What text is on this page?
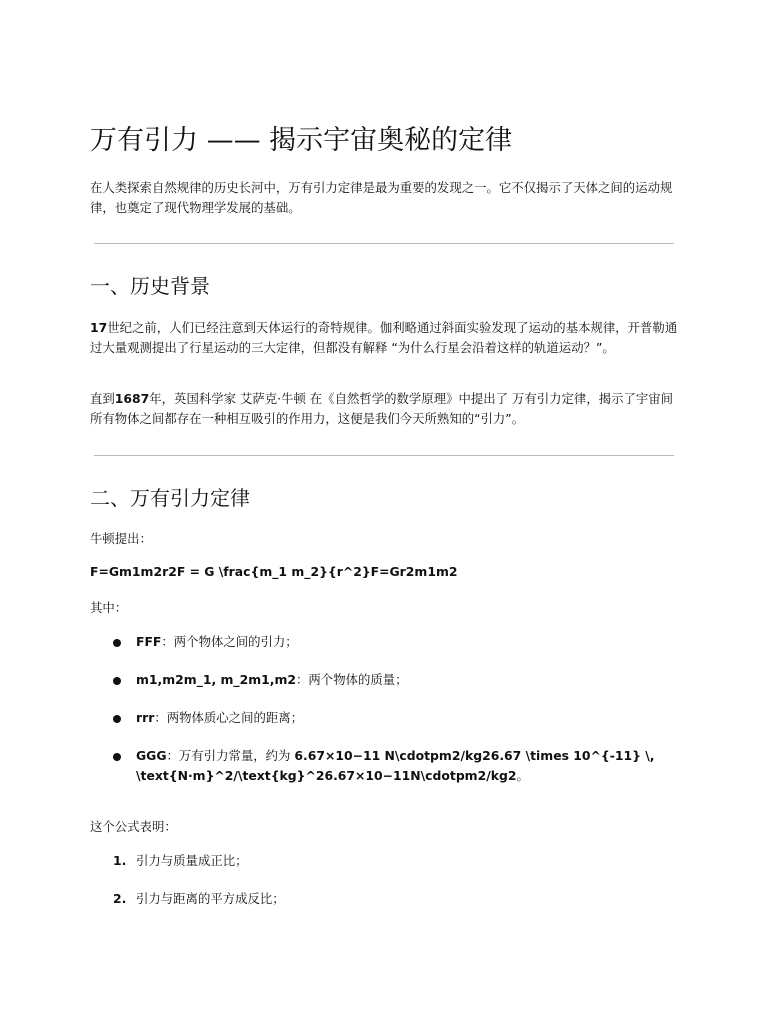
万有引力 —— 揭示宇宙奥秘的定律

在人类探索自然规律的历史长河中，万有引力定律是最为重要的发现之一。它不仅揭示了天体之间的运动规律，也奠定了现代物理学发展的基础。

一、历史背景

17世纪之前，人们已经注意到天体运行的奇特规律。伽利略通过斜面实验发现了运动的基本规律，开普勒通过大量观测提出了行星运动的三大定律，但都没有解释 “为什么行星会沿着这样的轨道运动？”。

直到1687年，英国科学家 艾萨克·牛顿 在《自然哲学的数学原理》中提出了 万有引力定律，揭示了宇宙间所有物体之间都存在一种相互吸引的作用力，这便是我们今天所熟知的“引力”。

二、万有引力定律

牛顿提出：

F=Gm1m2r2F = G \frac{m_1 m_2}{r^2}F=Gr2m1m2

其中：

FFF：两个物体之间的引力；

m1,m2m_1, m_2m1,m2：两个物体的质量；

rrr：两物体质心之间的距离；

GGG：万有引力常量，约为 6.67×10−11 N\cdotpm2/kg26.67 \times 10^{-11} \, \text{N·m}^2/\text{kg}^26.67×10−11N\cdotpm2/kg2。

这个公式表明：

1. 引力与质量成正比；

2. 引力与距离的平方成反比；
